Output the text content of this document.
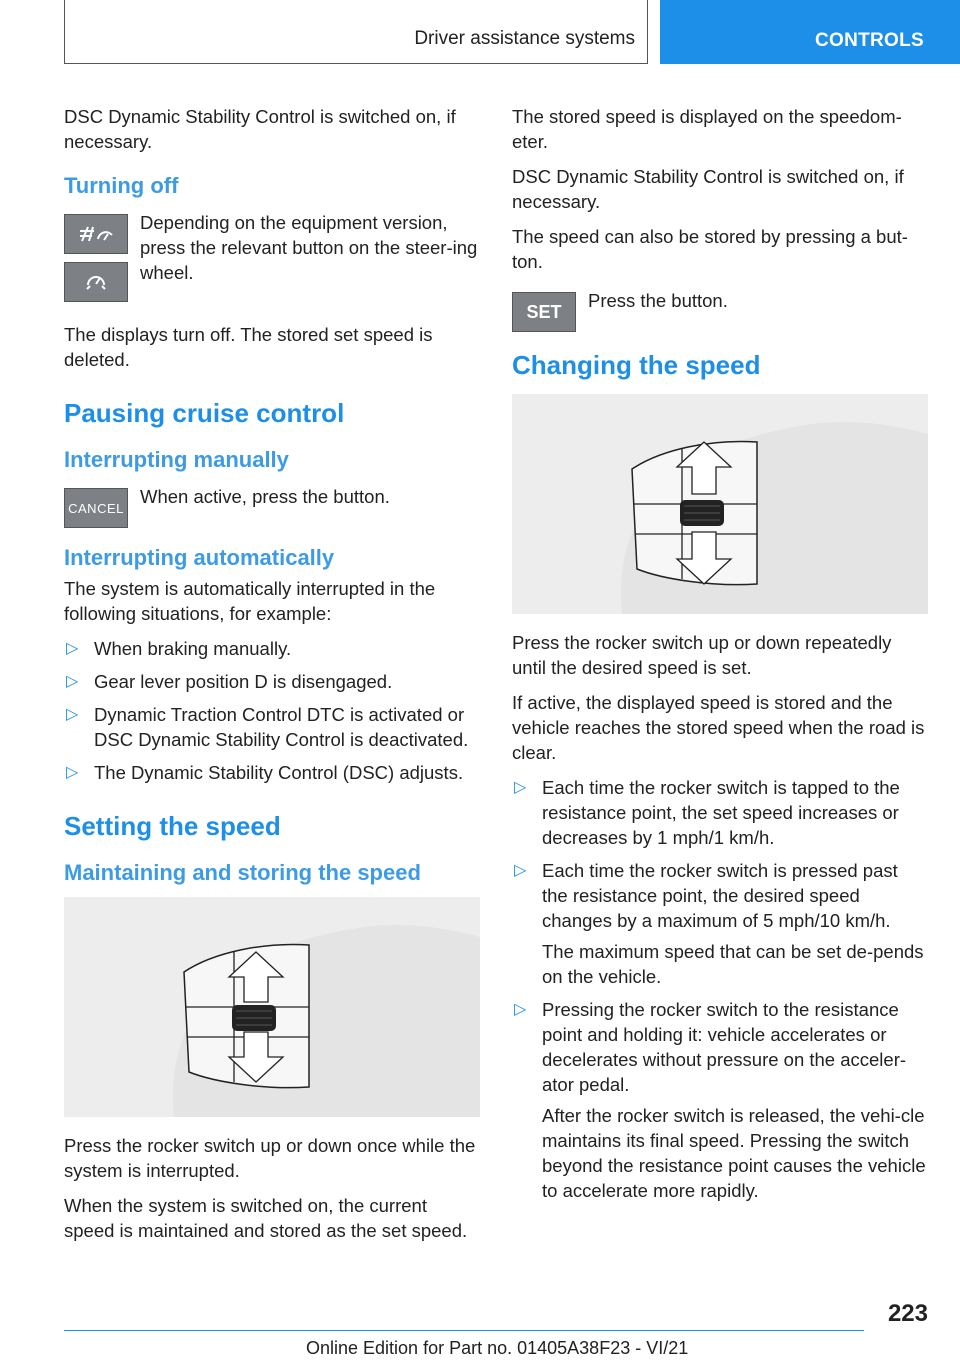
Driver assistance systems	CONTROLS

DSC Dynamic Stability Control is switched on, if necessary.

Turning off

Depending on the equipment version, press the relevant button on the steer‐ing wheel.

The displays turn off. The stored set speed is deleted.

Pausing cruise control
Interrupting manually
CANCEL

When active, press the button.

Interrupting automatically

The system is automatically interrupted in the following situations, for example:

▷ When braking manually.
▷ Gear lever position D is disengaged.
▷ Dynamic Traction Control DTC is activated or DSC Dynamic Stability Control is deactivated.
▷ The Dynamic Stability Control (DSC) adjusts.
Setting the speed
Maintaining and storing the speed

Press the rocker switch up or down once while the system is interrupted.

When the system is switched on, the current speed is maintained and stored as the set speed.

The stored speed is displayed on the speedom‐eter.

DSC Dynamic Stability Control is switched on, if necessary.

The speed can also be stored by pressing a but‐ton.

SET

Press the button.

Changing the speed

Press the rocker switch up or down repeatedly until the desired speed is set.

If active, the displayed speed is stored and the vehicle reaches the stored speed when the road is clear.

▷ Each time the rocker switch is tapped to the resistance point, the set speed increases or decreases by 1 mph/1 km/h.
▷ Each time the rocker switch is pressed past the resistance point, the desired speed changes by a maximum of 5 mph/10 km/h.

The maximum speed that can be set de‐pends on the vehicle.

▷ Pressing the rocker switch to the resistance point and holding it: vehicle accelerates or decelerates without pressure on the acceler‐ator pedal.

After the rocker switch is released, the vehi‐cle maintains its final speed. Pressing the switch beyond the resistance point causes the vehicle to accelerate more rapidly.

223
Online Edition for Part no. 01405A38F23 - VI/21
